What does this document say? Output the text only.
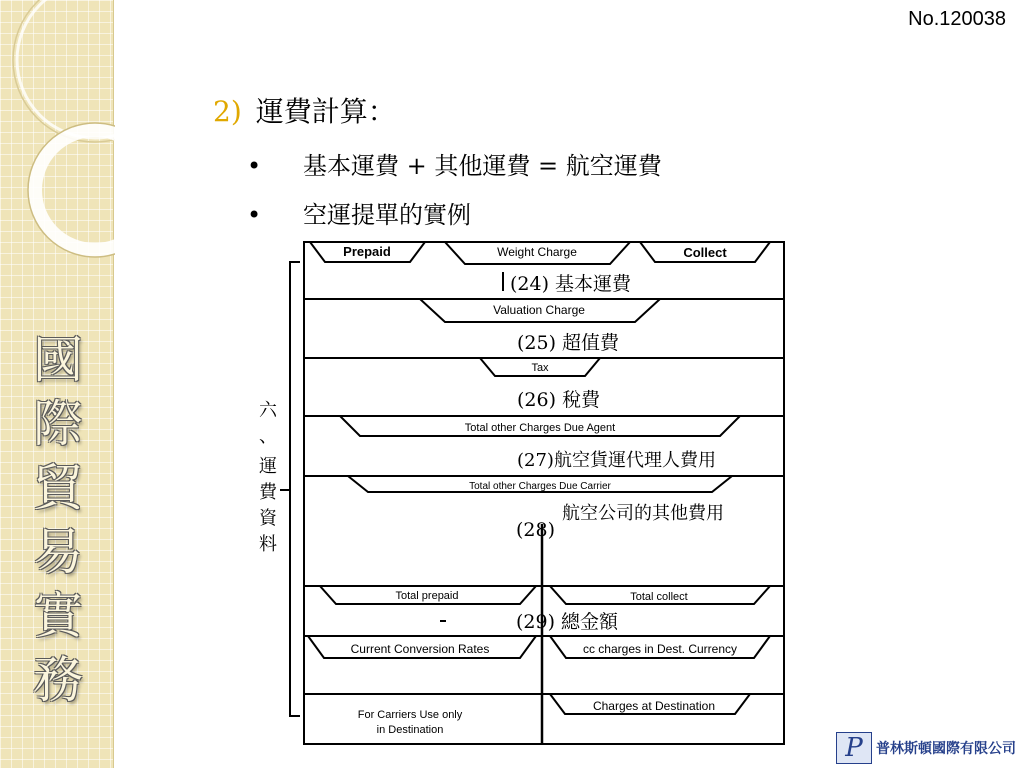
國
際
貿
易
實
務
No.120038
2) 運費計算：
• 基本運費 + 其他運費 = 航空運費
• 空運提單的實例
Prepaid	Weight Charge	Collect
Valuation Charge
Tax
Total other Charges Due Agent
Total other Charges Due Carrier
Total prepaid	Total collect
Current Conversion Rates	cc charges in Dest. Currency
For Carriers Use only
in Destination
Charges at Destination
(24) 基本運費
(25) 超值費
(26) 稅費
(27)航空貨運代理人費用
航空公司的其他費用
(28)
(29) 總金額
六
、
運
費
資
料
P 普林斯頓國際有限公司
